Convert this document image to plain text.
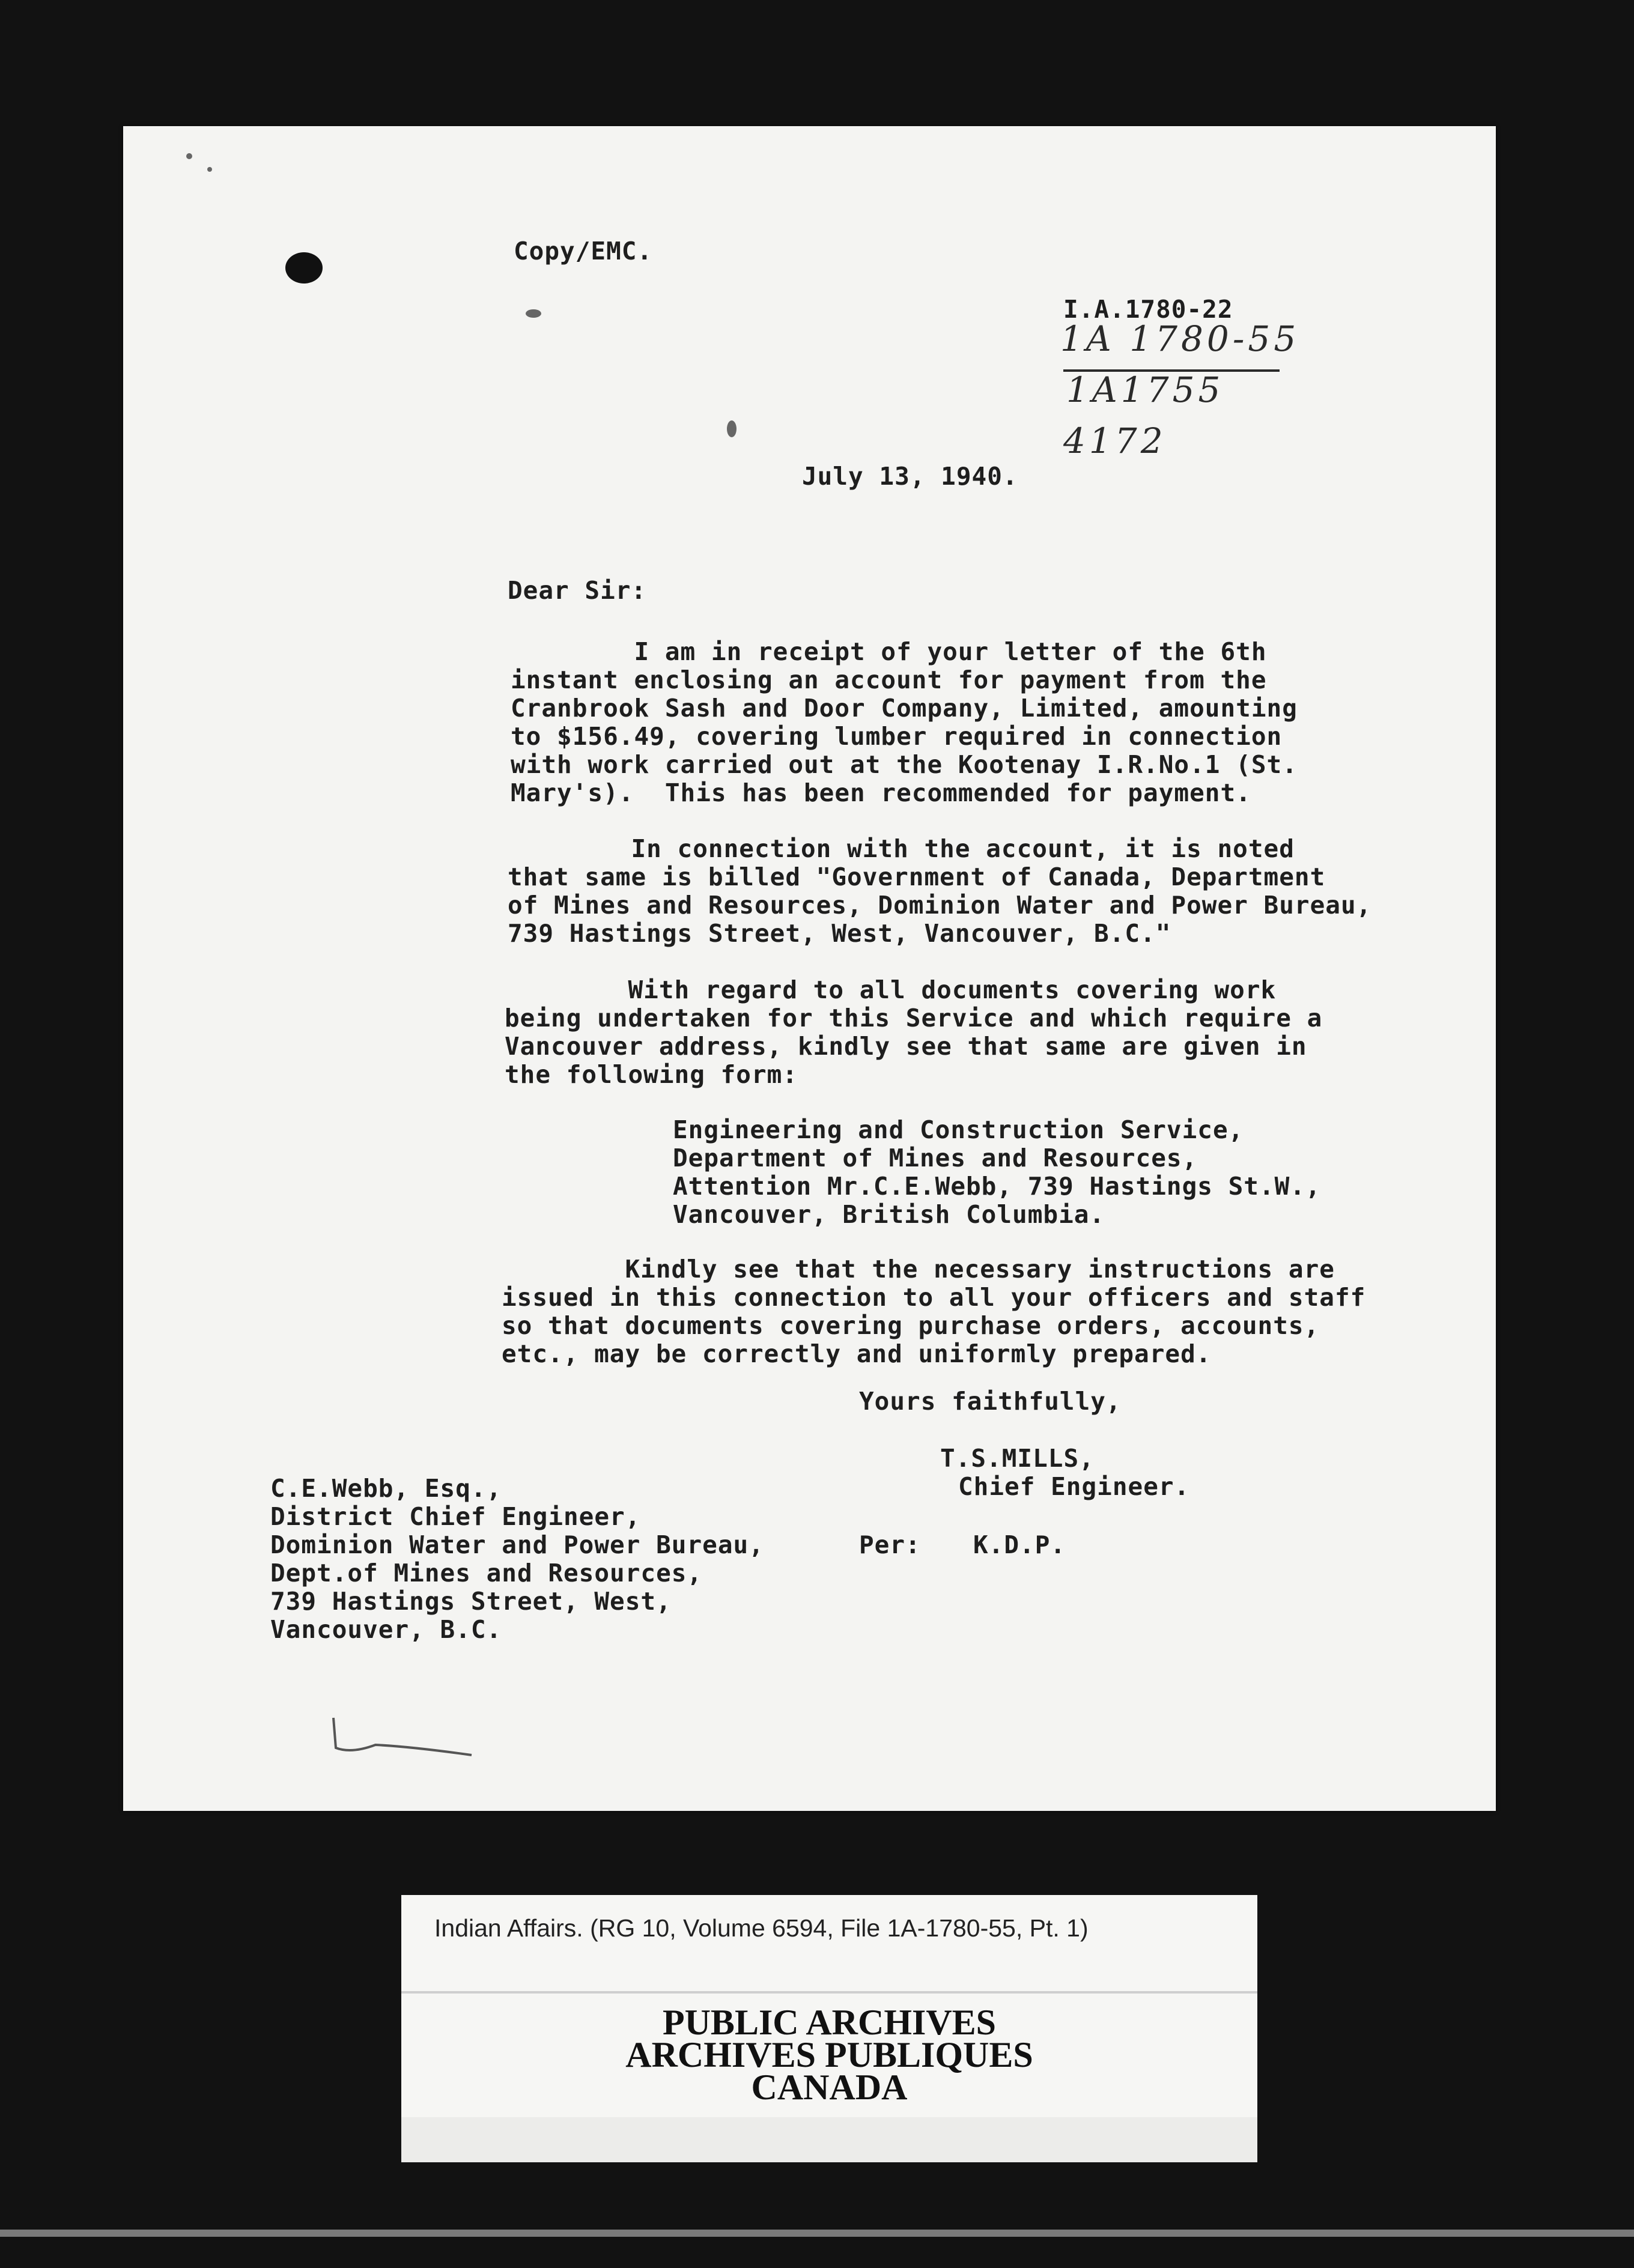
Copy/EMC.
I.A.1780-22
1A 1780-55
1A1755
4172
July 13, 1940.
Dear Sir:
I am in receipt of your letter of the 6th
instant enclosing an account for payment from the
Cranbrook Sash and Door Company, Limited, amounting
to $156.49, covering lumber required in connection
with work carried out at the Kootenay I.R.No.1 (St.
Mary's).  This has been recommended for payment.
In connection with the account, it is noted
that same is billed "Government of Canada, Department
of Mines and Resources, Dominion Water and Power Bureau,
739 Hastings Street, West, Vancouver, B.C."
With regard to all documents covering work
being undertaken for this Service and which require a
Vancouver address, kindly see that same are given in
the following form:
Engineering and Construction Service,
Department of Mines and Resources,
Attention Mr.C.E.Webb, 739 Hastings St.W.,
Vancouver, British Columbia.
Kindly see that the necessary instructions are
issued in this connection to all your officers and staff
so that documents covering purchase orders, accounts,
etc., may be correctly and uniformly prepared.
Yours faithfully,
T.S.MILLS,
Chief Engineer.
C.E.Webb, Esq.,
District Chief Engineer,
Dominion Water and Power Bureau,
Dept.of Mines and Resources,
739 Hastings Street, West,
Vancouver, B.C.
Per: K.D.P.
Indian Affairs. (RG 10, Volume 6594, File 1A-1780-55, Pt. 1)
PUBLIC ARCHIVES
ARCHIVES PUBLIQUES
CANADA
